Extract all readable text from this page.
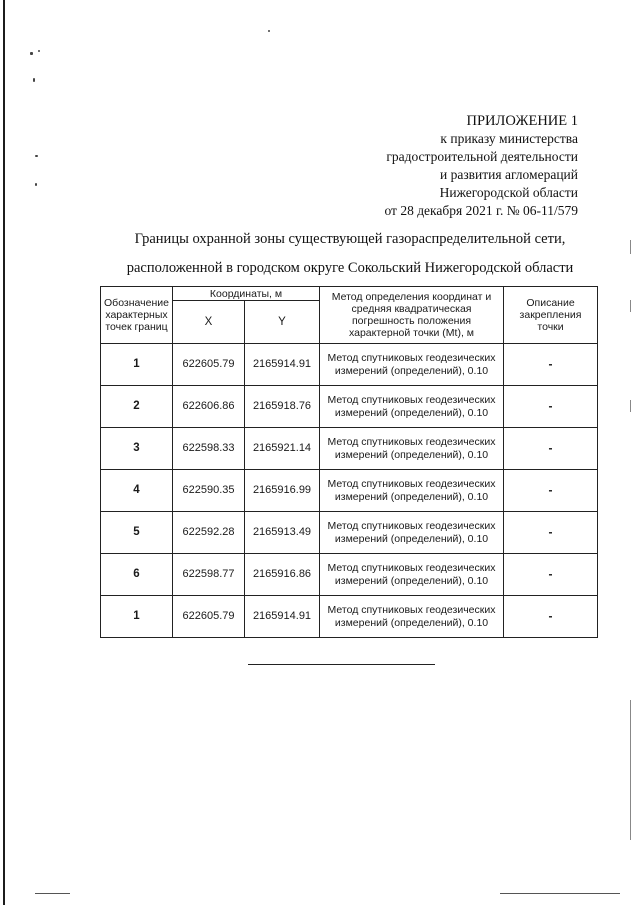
ПРИЛОЖЕНИЕ 1
к приказу министерства
градостроительной деятельности
и развития агломераций
Нижегородской области
от 28 декабря 2021 г. № 06-11/579
Границы охранной зоны существующей газораспределительной сети,
расположенной в городском округе Сокольский Нижегородской области
Обозначение характерных точек границ	Координаты, м		Метод определения координат и средняя квадратическая погрешность положения характерной точки (Mt), м	Описание закрепления точки
	X	Y		
1	622605.79	2165914.91	Метод спутниковых геодезических измерений (определений), 0.10	-
2	622606.86	2165918.76	Метод спутниковых геодезических измерений (определений), 0.10	-
3	622598.33	2165921.14	Метод спутниковых геодезических измерений (определений), 0.10	-
4	622590.35	2165916.99	Метод спутниковых геодезических измерений (определений), 0.10	-
5	622592.28	2165913.49	Метод спутниковых геодезических измерений (определений), 0.10	-
6	622598.77	2165916.86	Метод спутниковых геодезических измерений (определений), 0.10	-
1	622605.79	2165914.91	Метод спутниковых геодезических измерений (определений), 0.10	-
